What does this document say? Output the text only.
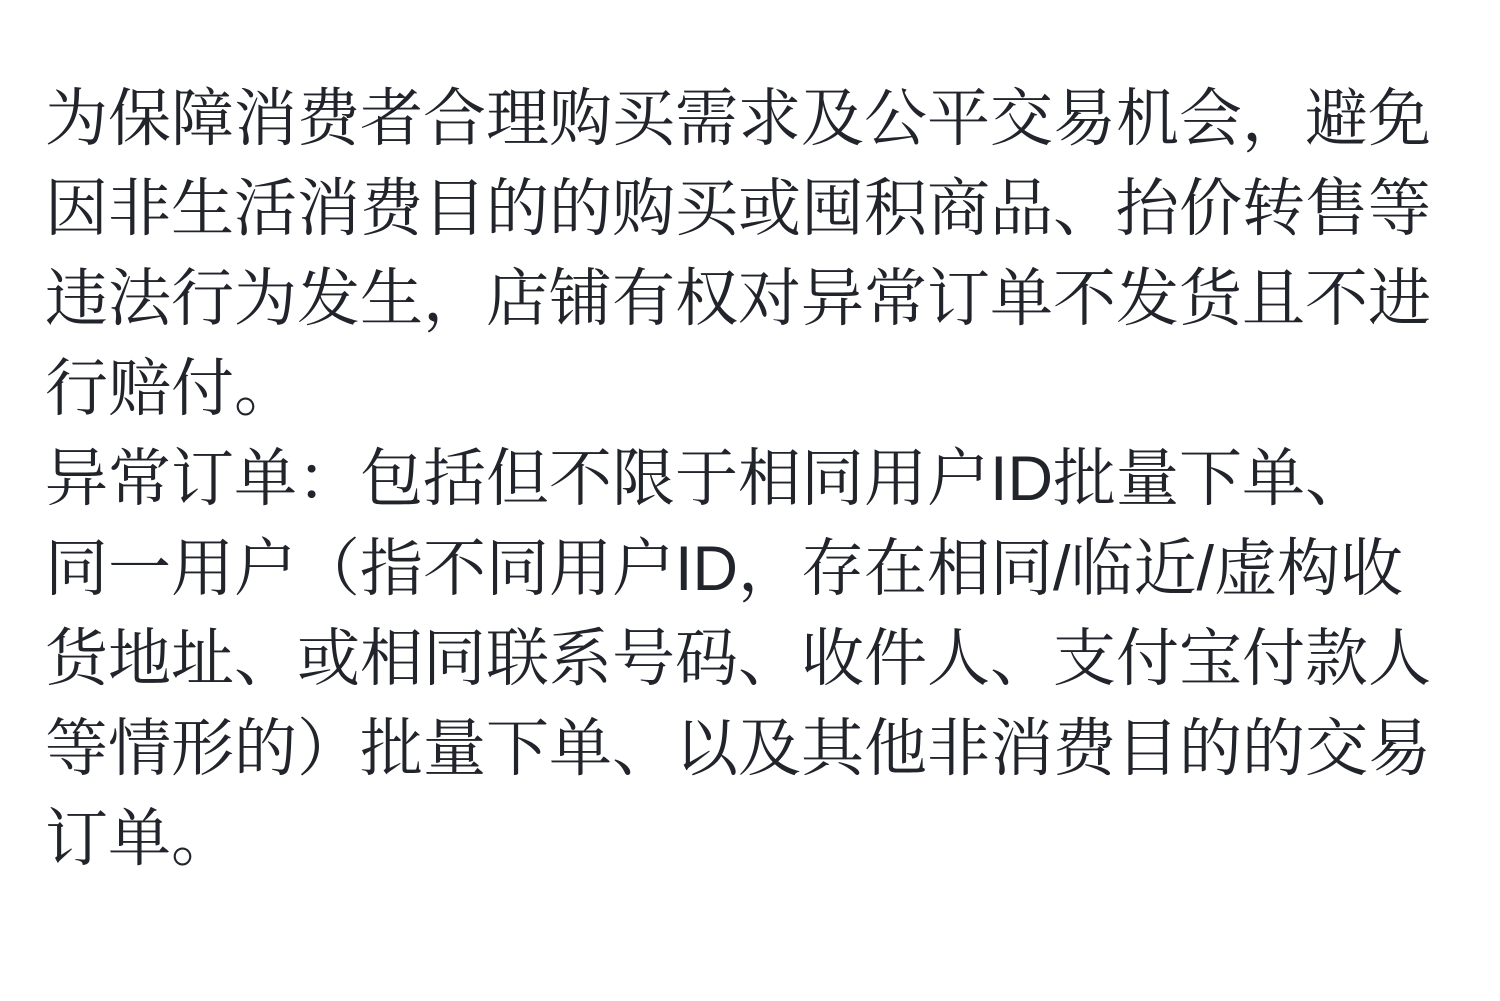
为保障消费者合理购买需求及公平交易机会，避免
因非生活消费目的的购买或囤积商品、抬价转售等
违法行为发生，店铺有权对异常订单不发货且不进
行赔付。
异常订单：包括但不限于相同用户ID批量下单、
同一用户（指不同用户ID，存在相同/临近/虚构收
货地址、或相同联系号码、收件人、支付宝付款人
等情形的）批量下单、以及其他非消费目的的交易
订单。
